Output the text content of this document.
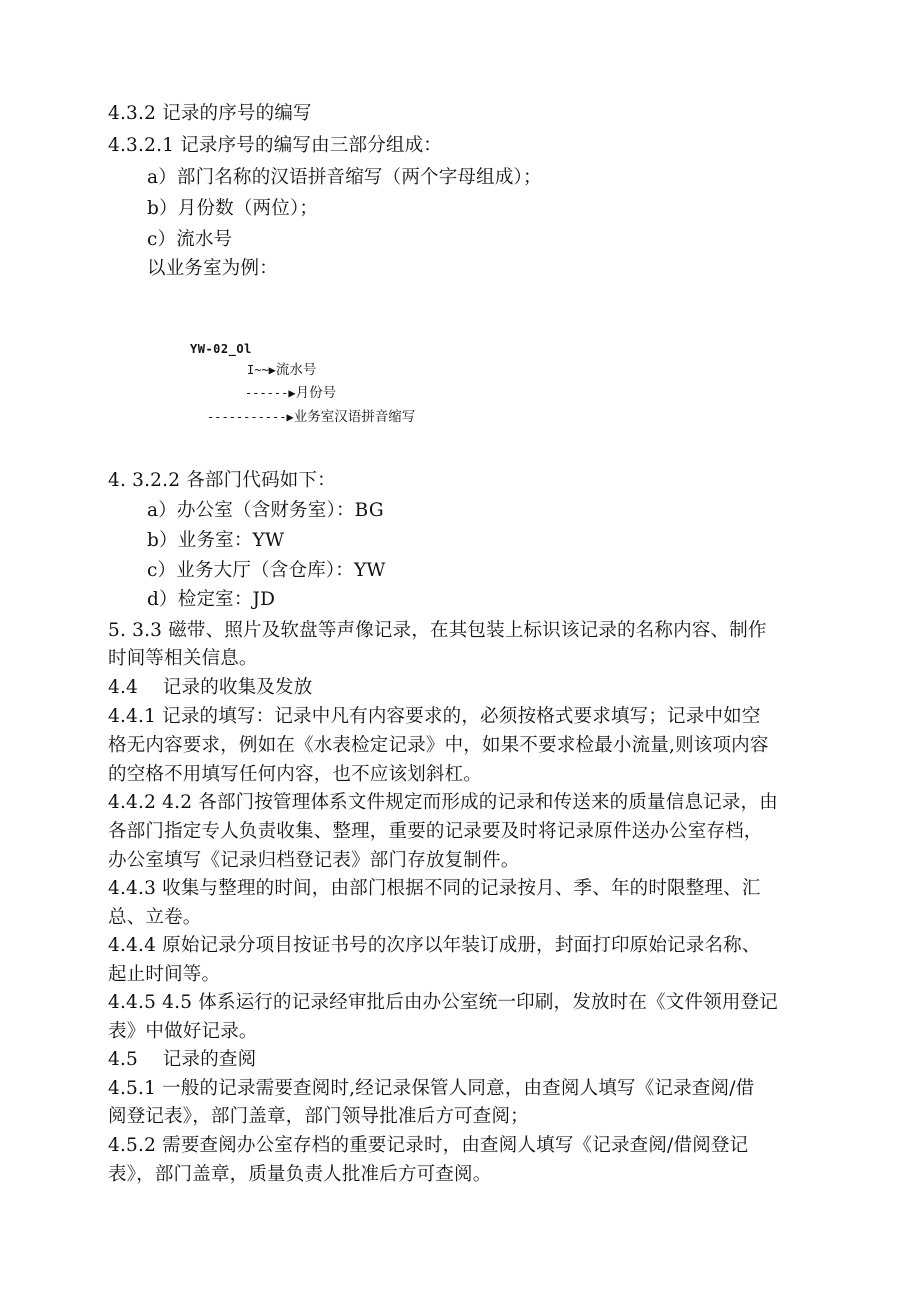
4.3.2 记录的序号的编写
4.3.2.1 记录序号的编写由三部分组成：
a）部门名称的汉语拼音缩写（两个字母组成）；
b）月份数（两位）；
c）流水号
以业务室为例：
YW-02_Ol
I~~▶流水号
------▶月份号
-----------▶业务室汉语拼音缩写
4. 3.2.2 各部门代码如下：
a）办公室（含财务室）：BG
b）业务室：YW
c）业务大厅（含仓库）：YW
d）检定室：JD
5. 3.3 磁带、照片及软盘等声像记录，在其包装上标识该记录的名称内容、制作
时间等相关信息。
4.4　 记录的收集及发放
4.4.1 记录的填写：记录中凡有内容要求的，必须按格式要求填写；记录中如空
格无内容要求，例如在《水表检定记录》中，如果不要求检最小流量,则该项内容
的空格不用填写任何内容，也不应该划斜杠。
4.4.2 4.2 各部门按管理体系文件规定而形成的记录和传送来的质量信息记录，由
各部门指定专人负责收集、整理，重要的记录要及时将记录原件送办公室存档，
办公室填写《记录归档登记表》部门存放复制件。
4.4.3 收集与整理的时间，由部门根据不同的记录按月、季、年的时限整理、汇
总、立卷。
4.4.4 原始记录分项目按证书号的次序以年装订成册，封面打印原始记录名称、
起止时间等。
4.4.5 4.5 体系运行的记录经审批后由办公室统一印刷，发放时在《文件领用登记
表》中做好记录。
4.5　 记录的查阅
4.5.1 一般的记录需要查阅时,经记录保管人同意，由查阅人填写《记录查阅/借
阅登记表》，部门盖章，部门领导批准后方可查阅；
4.5.2 需要查阅办公室存档的重要记录时，由查阅人填写《记录查阅/借阅登记
表》，部门盖章，质量负责人批准后方可查阅。
